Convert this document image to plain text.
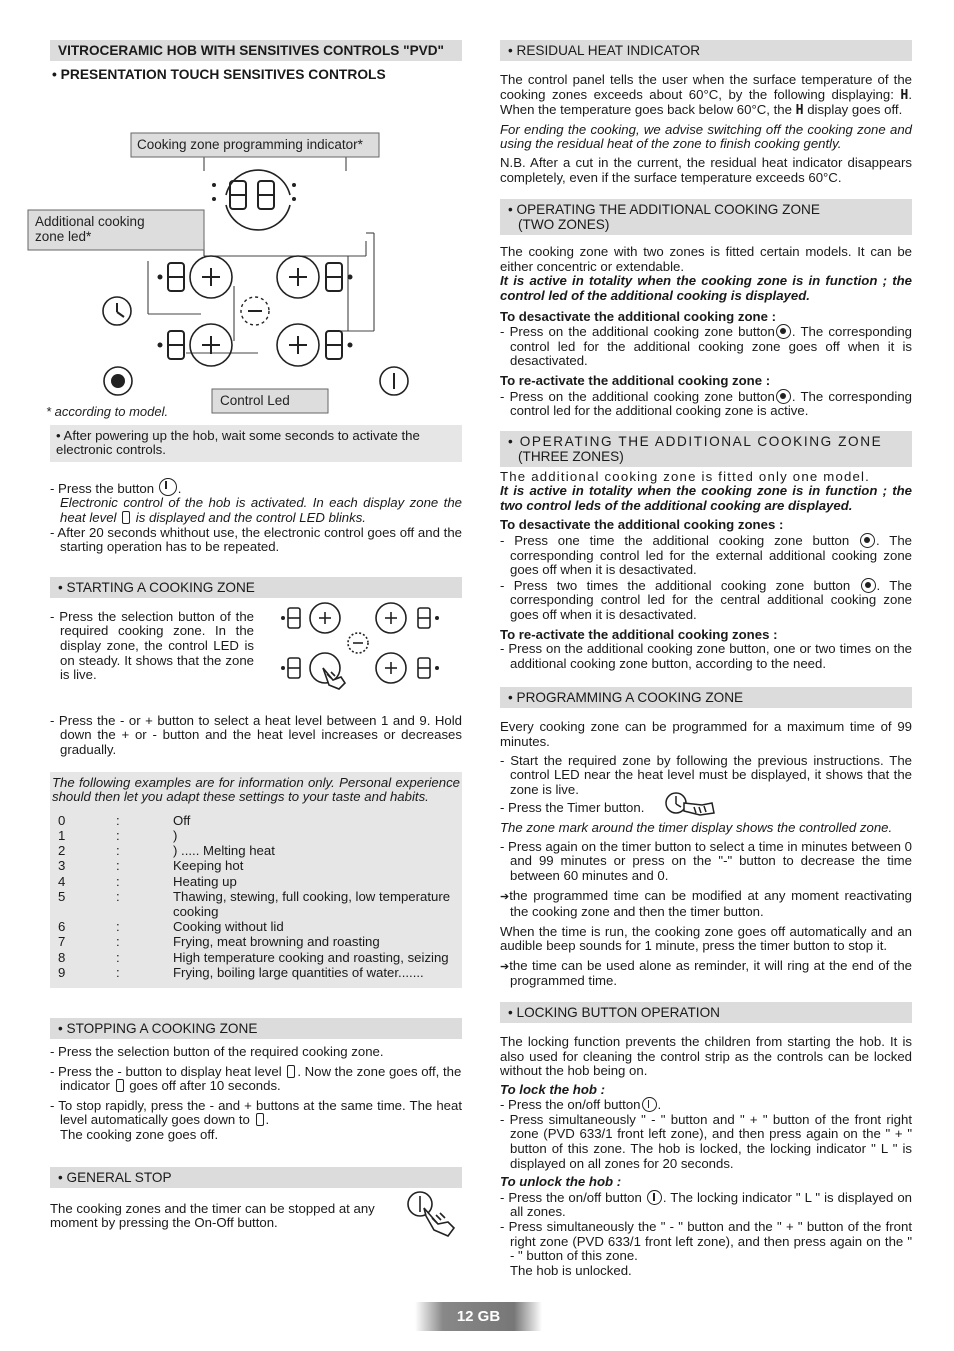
VITROCERAMIC HOB WITH SENSITIVES CONTROLS "PVD"
• PRESENTATION TOUCH SENSITIVES CONTROLS
Cooking zone programming indicator*
Additional cooking
zone led*
Control Led
* according to model.
• After powering up the hob, wait some seconds to activate the electronic controls.
- Press the button .
Electronic control of the hob is activated. In each display zone the heat level is displayed and the control LED blinks.
- After 20 seconds whithout use, the electronic control goes off and the starting operation has to be repeated.
• STARTING A COOKING ZONE
- Press the selection button of the required cooking zone. In the display zone, the control LED is on steady. It shows that the zone is live.
- Press the - or + button to select a heat level between 1 and 9. Hold down the + or - button and the heat level increases or decreases gradually.
The following examples are for information only. Personal experience should then let you adapt these settings to your taste and habits.
0	:	Off
1	:	)
2	:	) ..... Melting heat
3	:	Keeping hot
4	:	Heating up
5	:	Thawing, stewing, full cooking, low temperature cooking
6	:	Cooking without lid
7	:	Frying, meat browning and roasting
8	:	High temperature cooking and roasting, seizing
9	:	Frying, boiling large quantities of water.......
• STOPPING A COOKING ZONE
- Press the selection button of the required cooking zone.
- Press the - button to display heat level . Now the zone goes off, the indicator goes off after 10 seconds.
- To stop rapidly, press the - and + buttons at the same time. The heat level automatically goes down to .
The cooking zone goes off.
• GENERAL STOP
The cooking zones and the timer can be stopped at any moment by pressing the On-Off button.
• RESIDUAL HEAT INDICATOR
The control panel tells the user when the surface temperature of the cooking zones exceeds about 60°C, by the following displaying: H. When the temperature goes back below 60°C, the H display goes off.
For ending the cooking, we advise switching off the cooking zone and using the residual heat of the zone to finish cooking gently.
N.B. After a cut in the current, the residual heat indicator disappears completely, even if the surface temperature exceeds 60°C.
• OPERATING THE ADDITIONAL COOKING ZONE
(TWO ZONES)
The cooking zone with two zones is fitted certain models. It can be either concentric or extendable.
It is active in totality when the cooking zone is in function ; the control led of the additional cooking is displayed.
To desactivate the additional cooking zone :
- Press on the additional cooking zone button . The corresponding control led for the additional cooking zone goes off when it is desactivated.
To re-activate the additional cooking zone :
- Press on the additional cooking zone button . The corresponding control led for the additional cooking zone is active.
• OPERATING THE ADDITIONAL COOKING ZONE
(THREE ZONES)
The additional cooking zone is fitted only one model.
It is active in totality when the cooking zone is in function ; the two control leds of the additional cooking are displayed.
To desactivate the additional cooking zones :
- Press one time the additional cooking zone button . The corresponding control led for the external additional cooking zone goes off when it is desactivated.
- Press two times the additional cooking zone button . The corresponding control led for the central additional cooking zone goes off when it is desactivated.
To re-activate the additional cooking zones :
- Press on the additional cooking zone button, one or two times on the additional cooking zone button, according to the need.
• PROGRAMMING A COOKING ZONE
Every cooking zone can be programmed for a maximum time of 99 minutes.
- Start the required zone by following the previous instructions. The control LED near the heat level must be displayed, it shows that the zone is live.
- Press the Timer button.
The zone mark around the timer display shows the controlled zone.
- Press again on the timer button to select a time in minutes between 0 and 99 minutes or press on the "-" button to decrease the time between 60 minutes and 0.
➔the programmed time can be modified at any moment reactivating the cooking zone and then the timer button.
When the time is run, the cooking zone goes off automatically and an audible beep sounds for 1 minute, press the timer button to stop it.
➔the time can be used alone as reminder, it will ring at the end of the programmed time.
• LOCKING BUTTON OPERATION
The locking function prevents the children from starting the hob. It is also used for cleaning the control strip as the controls can be locked without the hob being on.
To lock the hob :
- Press the on/off button .
- Press simultaneously " - " button and " + " button of the front right zone (PVD 633/1 front left zone), and then press again on the " + " button of this zone. The hob is locked, the locking indicator " L " is displayed on all zones for 20 seconds.
To unlock the hob :
- Press the on/off button . The locking indicator " L " is displayed on all zones.
- Press simultaneously the " - " button and the " + " button of the front right zone (PVD 633/1 front left zone), and then press again on the " - " button of this zone.
The hob is unlocked.
12 GB
